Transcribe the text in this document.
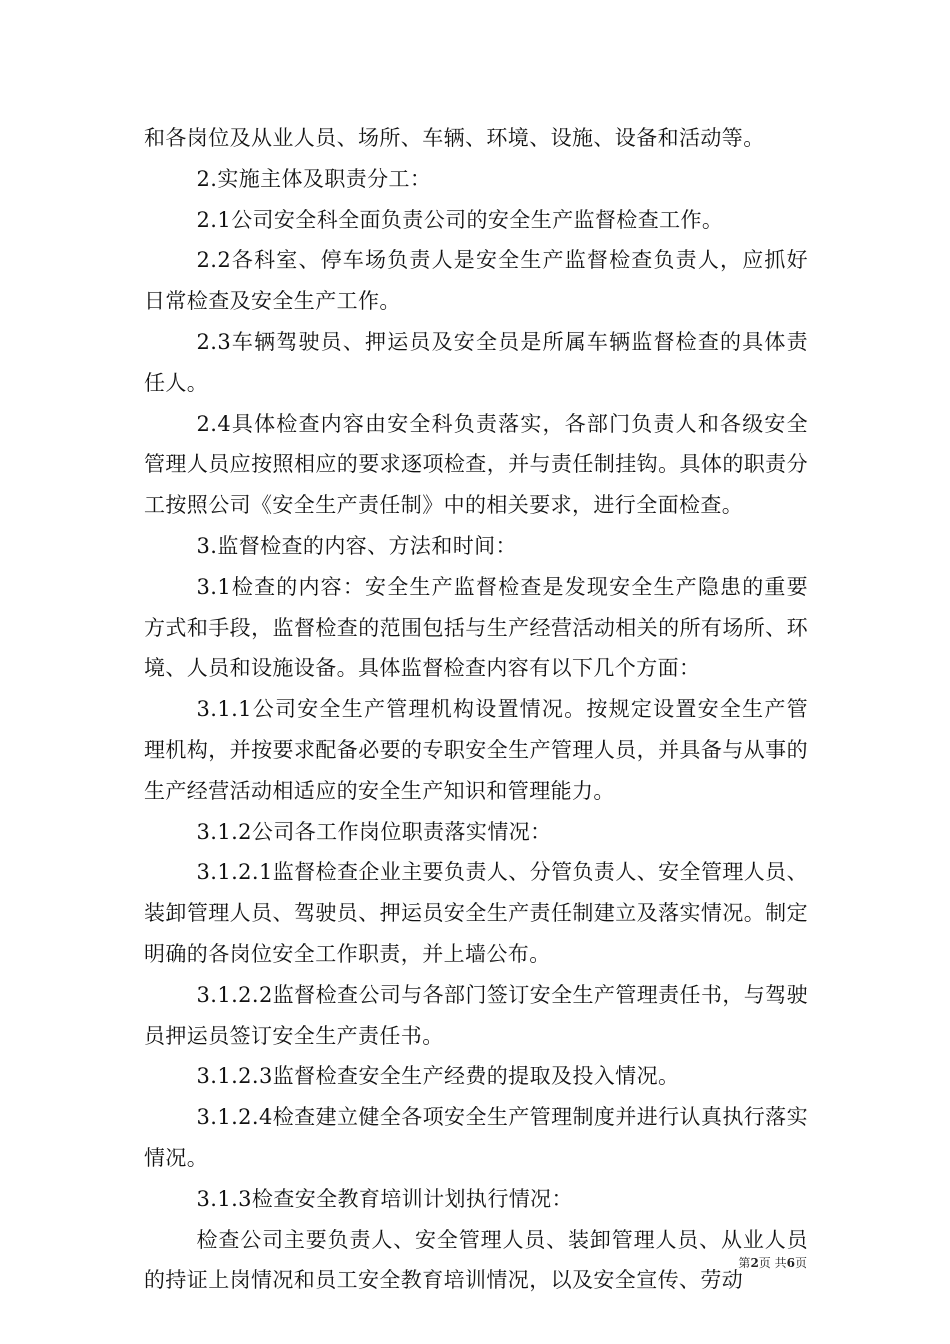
和各岗位及从业人员、场所、车辆、环境、设施、设备和活动等。

2.实施主体及职责分工：

2.1公司安全科全面负责公司的安全生产监督检查工作。

2.2各科室、停车场负责人是安全生产监督检查负责人，应抓好日常检查及安全生产工作。

2.3车辆驾驶员、押运员及安全员是所属车辆监督检查的具体责任人。

2.4具体检查内容由安全科负责落实，各部门负责人和各级安全管理人员应按照相应的要求逐项检查，并与责任制挂钩。具体的职责分工按照公司《安全生产责任制》中的相关要求，进行全面检查。

3.监督检查的内容、方法和时间：

3.1检查的内容：安全生产监督检查是发现安全生产隐患的重要方式和手段，监督检查的范围包括与生产经营活动相关的所有场所、环境、人员和设施设备。具体监督检查内容有以下几个方面：

3.1.1公司安全生产管理机构设置情况。按规定设置安全生产管理机构，并按要求配备必要的专职安全生产管理人员，并具备与从事的生产经营活动相适应的安全生产知识和管理能力。

3.1.2公司各工作岗位职责落实情况：

3.1.2.1监督检查企业主要负责人、分管负责人、安全管理人员、装卸管理人员、驾驶员、押运员安全生产责任制建立及落实情况。制定明确的各岗位安全工作职责，并上墙公布。

3.1.2.2监督检查公司与各部门签订安全生产管理责任书，与驾驶员押运员签订安全生产责任书。

3.1.2.3监督检查安全生产经费的提取及投入情况。

3.1.2.4检查建立健全各项安全生产管理制度并进行认真执行落实情况。

3.1.3检查安全教育培训计划执行情况：

检查公司主要负责人、安全管理人员、装卸管理人员、从业人员的持证上岗情况和员工安全教育培训情况，以及安全宣传、劳动

第2页 共6页
